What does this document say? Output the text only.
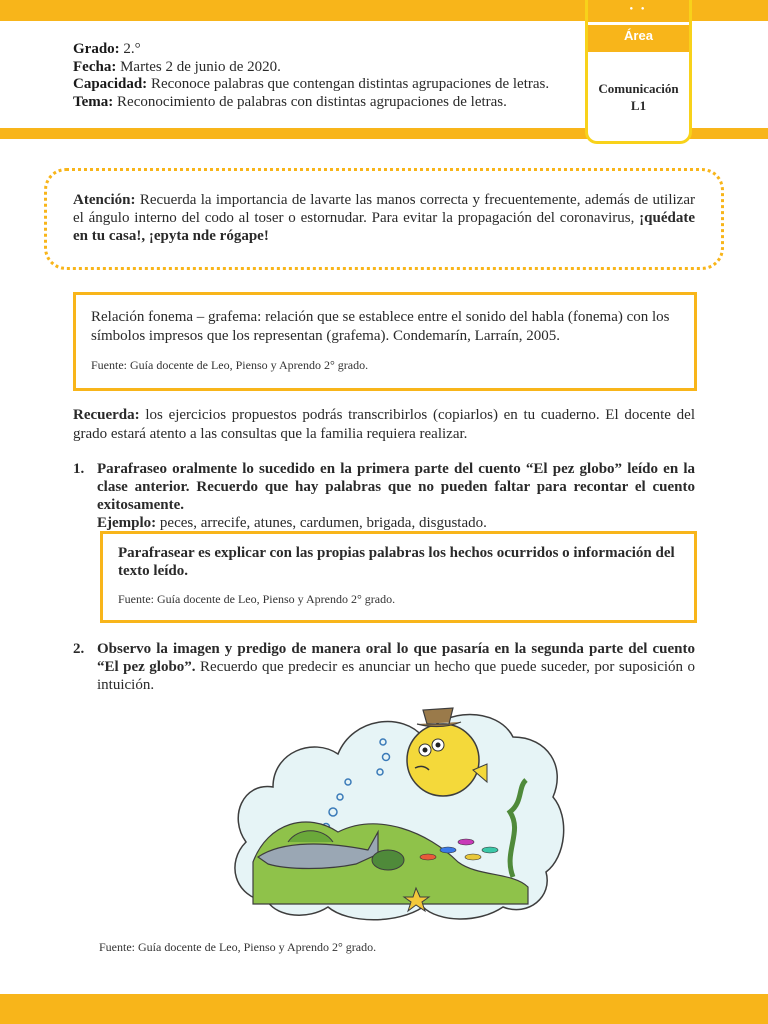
Grado: 2.°
Fecha: Martes 2 de junio de 2020.
Capacidad: Reconoce palabras que contengan distintas agrupaciones de letras.
Tema: Reconocimiento de palabras con distintas agrupaciones de letras.
● ●
Área
Comunicación
L1
Atención: Recuerda la importancia de lavarte las manos correcta y frecuentemente, además de utilizar el ángulo interno del codo al toser o estornudar. Para evitar la propagación del coronavirus, ¡quédate en tu casa!, ¡epyta nde rógape!
Relación fonema – grafema: relación que se establece entre el sonido del habla (fonema) con los símbolos impresos que los representan (grafema). Condemarín, Larraín, 2005.
Fuente: Guía docente de Leo, Pienso y Aprendo 2° grado.
Recuerda: los ejercicios propuestos podrás transcribirlos (copiarlos) en tu cuaderno. El docente del grado estará atento a las consultas que la familia requiera realizar.
1. Parafraseo oralmente lo sucedido en la primera parte del cuento “El pez globo” leído en la clase anterior. Recuerdo que hay palabras que no pueden faltar para recontar el cuento exitosamente.
Ejemplo: peces, arrecife, atunes, cardumen, brigada, disgustado.
Parafrasear es explicar con las propias palabras los hechos ocurridos o información del texto leído.
Fuente: Guía docente de Leo, Pienso y Aprendo 2° grado.
2. Observo la imagen y predigo de manera oral lo que pasaría en la segunda parte del cuento “El pez globo”. Recuerdo que predecir es anunciar un hecho que puede suceder, por suposición o intuición.
Fuente: Guía docente de Leo, Pienso y Aprendo 2° grado.
